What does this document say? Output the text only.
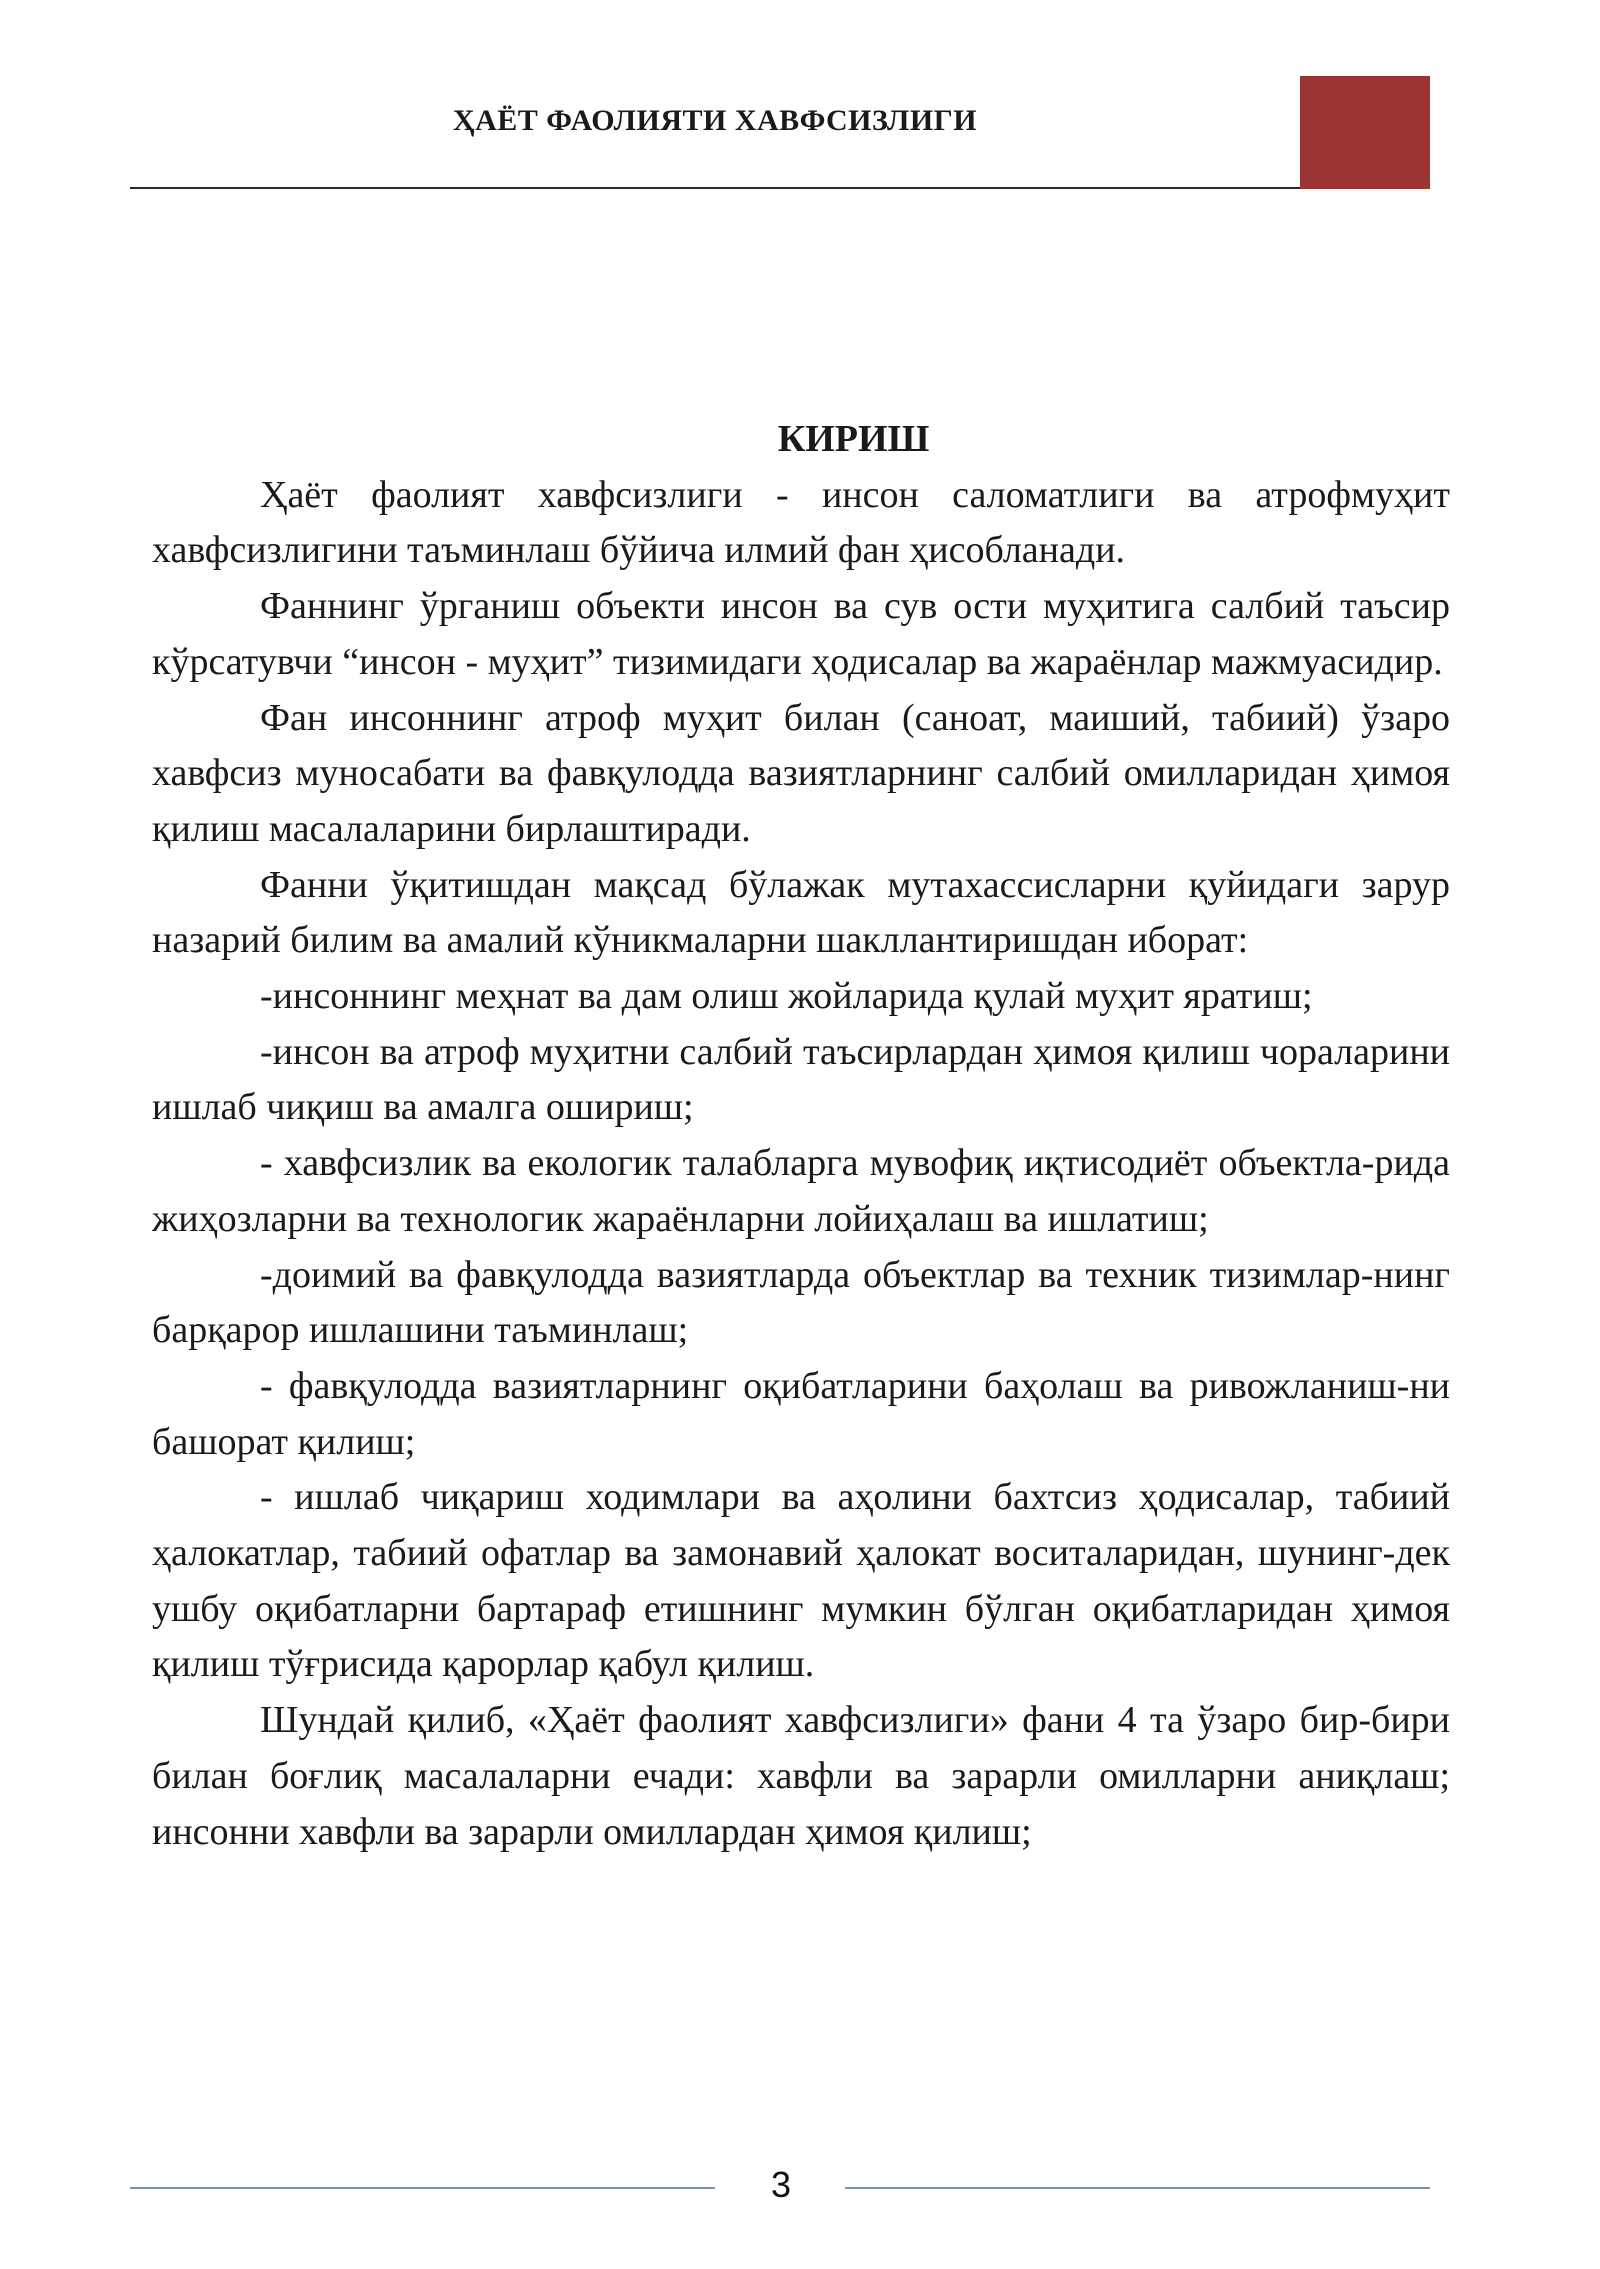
ҲАЁТ ФАОЛИЯТИ ХАВФСИЗЛИГИ
КИРИШ

Ҳаёт фаолият хавфсизлиги - инсон саломатлиги ва атрофмуҳит хавфсизлигини таъминлаш бўйича илмий фан ҳисобланади.

Фаннинг ўрганиш объекти инсон ва сув ости муҳитига салбий таъсир кўрсатувчи “инсон - муҳит” тизимидаги ҳодисалар ва жараёнлар мажмуасидир.

Фан инсоннинг атроф муҳит билан (саноат, маиший, табиий) ўзаро хавфсиз муносабати ва фавқулодда вазиятларнинг салбий омилларидан ҳимоя қилиш масалаларини бирлаштиради.

Фанни ўқитишдан мақсад бўлажак мутахассисларни қуйидаги зарур назарий билим ва амалий кўникмаларни шакллантиришдан иборат:

-инсоннинг меҳнат ва дам олиш жойларида қулай муҳит яратиш;

-инсон ва атроф муҳитни салбий таъсирлардан ҳимоя қилиш чораларини ишлаб чиқиш ва амалга ошириш;

- хавфсизлик ва екологик талабларга мувофиқ иқтисодиёт объектла-рида жиҳозларни ва технологик жараёнларни лойиҳалаш ва ишлатиш;

-доимий ва фавқулодда вазиятларда объектлар ва техник тизимлар-нинг барқарор ишлашини таъминлаш;

- фавқулодда вазиятларнинг оқибатларини баҳолаш ва ривожланиш-ни башорат қилиш;

- ишлаб чиқариш ходимлари ва аҳолини бахтсиз ҳодисалар, табиий ҳалокатлар, табиий офатлар ва замонавий ҳалокат воситаларидан, шунинг-дек ушбу оқибатларни бартараф етишнинг мумкин бўлган оқибатларидан ҳимоя қилиш тўғрисида қарорлар қабул қилиш.

Шундай қилиб, «Ҳаёт фаолият хавфсизлиги» фани 4 та ўзаро бир-бири билан боғлиқ масалаларни ечади: хавфли ва зарарли омилларни аниқлаш; инсонни хавфли ва зарарли омиллардан ҳимоя қилиш;

3
